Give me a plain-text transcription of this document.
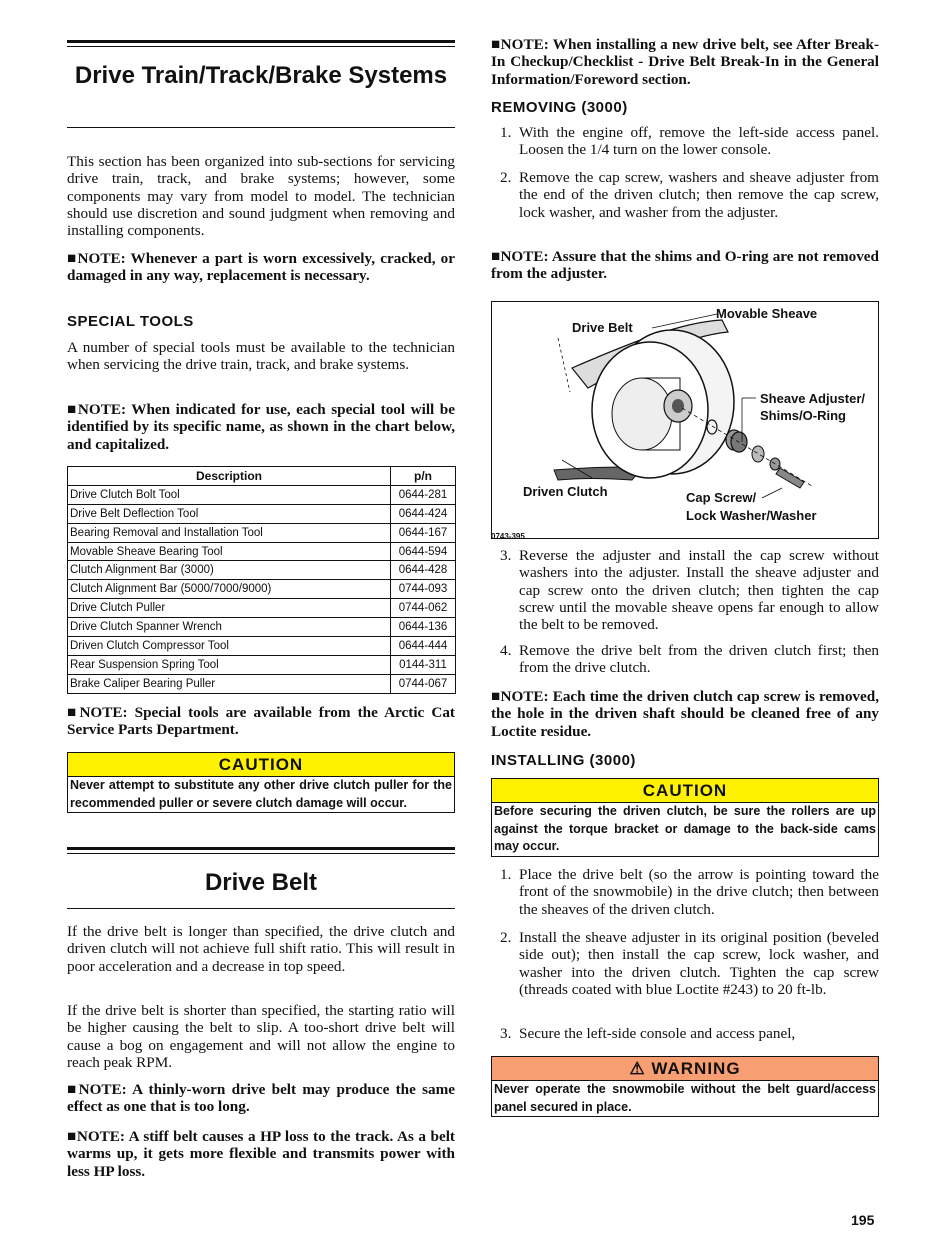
Drive Train/Track/Brake Systems

This section has been organized into sub-sections for servicing drive train, track, and brake systems; however, some components may vary from model to model. The technician should use discretion and sound judgment when removing and installing components.

■NOTE: Whenever a part is worn excessively, cracked, or damaged in any way, replacement is necessary.

SPECIAL TOOLS

A number of special tools must be available to the technician when servicing the drive train, track, and brake systems.

■NOTE: When indicated for use, each special tool will be identified by its specific name, as shown in the chart below, and capitalized.

Description	p/n
Drive Clutch Bolt Tool	0644-281
Drive Belt Deflection Tool	0644-424
Bearing Removal and Installation Tool	0644-167
Movable Sheave Bearing Tool	0644-594
Clutch Alignment Bar (3000)	0644-428
Clutch Alignment Bar (5000/7000/9000)	0744-093
Drive Clutch Puller	0744-062
Drive Clutch Spanner Wrench	0644-136
Driven Clutch Compressor Tool	0644-444
Rear Suspension Spring Tool	0144-311
Brake Caliper Bearing Puller	0744-067

■NOTE: Special tools are available from the Arctic Cat Service Parts Department.

CAUTION
Never attempt to substitute any other drive clutch puller for the recommended puller or severe clutch damage will occur.
Drive Belt

If the drive belt is longer than specified, the drive clutch and driven clutch will not achieve full shift ratio. This will result in poor acceleration and a decrease in top speed.

If the drive belt is shorter than specified, the starting ratio will be higher causing the belt to slip. A too-short drive belt will cause a bog on engagement and will not allow the engine to reach peak RPM.

■NOTE: A thinly-worn drive belt may produce the same effect as one that is too long.

■NOTE: A stiff belt causes a HP loss to the track. As a belt warms up, it gets more flexible and transmits power with less HP loss.

■NOTE: When installing a new drive belt, see After Break-In Checkup/Checklist - Drive Belt Break-In in the General Information/Foreword section.

REMOVING (3000)
1. With the engine off, remove the left-side access panel. Loosen the 1/4 turn on the lower console.
2. Remove the cap screw, washers and sheave adjuster from the end of the driven clutch; then remove the cap screw, lock washer, and washer from the adjuster.

■NOTE: Assure that the shims and O-ring are not removed from the adjuster.

Drive Belt
Movable Sheave
Sheave Adjuster/
Shims/O-Ring
Driven Clutch	Cap Screw/
Lock Washer/Washer
0743-395
3. Reverse the adjuster and install the cap screw without washers into the adjuster. Install the sheave adjuster and cap screw onto the driven clutch; then tighten the cap screw until the movable sheave opens far enough to allow the belt to be removed.
4. Remove the drive belt from the driven clutch first; then from the drive clutch.

■NOTE: Each time the driven clutch cap screw is removed, the hole in the driven shaft should be cleaned free of any Loctite residue.

INSTALLING (3000)
CAUTION
Before securing the driven clutch, be sure the rollers are up against the torque bracket or damage to the back-side cams may occur.
1. Place the drive belt (so the arrow is pointing toward the front of the snowmobile) in the drive clutch; then between the sheaves of the driven clutch.
2. Install the sheave adjuster in its original position (beveled side out); then install the cap screw, lock washer, and washer into the driven clutch. Tighten the cap screw (threads coated with blue Loctite #243) to 20 ft-lb.
3. Secure the left-side console and access panel,
⚠ WARNING
Never operate the snowmobile without the belt guard/access panel secured in place.
195
